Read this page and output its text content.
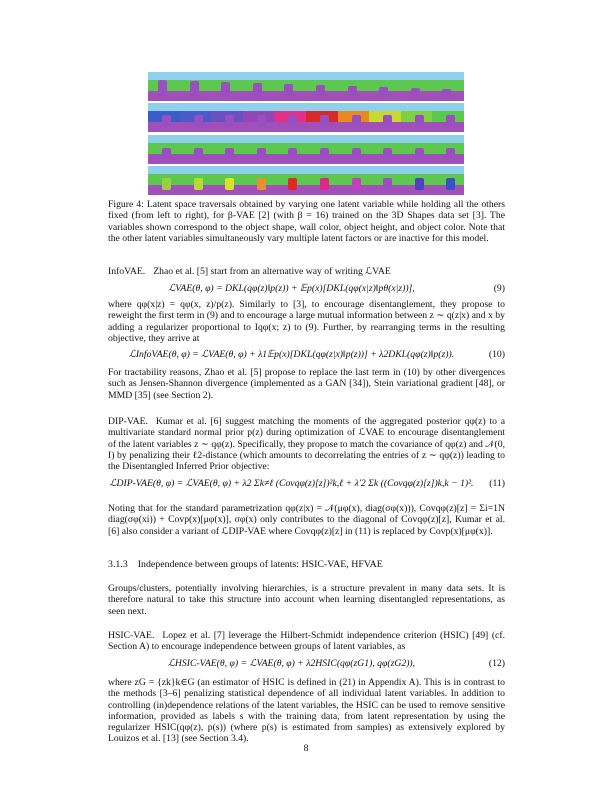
Figure 4: Latent space traversals obtained by varying one latent variable while holding all the others fixed (from left to right), for β-VAE [2] (with β = 16) trained on the 3D Shapes data set [3]. The variables shown correspond to the object shape, wall color, object height, and object color. Note that the other latent variables simultaneously vary multiple latent factors or are inactive for this model.
InfoVAE. Zhao et al. [5] start from an alternative way of writing ℒVAE
ℒVAE(θ, φ) = DKL(qφ(z)‖p(z)) + 𝔼p(x)[DKL(qφ(x|z)‖pθ(x|z))],	(9)
where qφ(x|z) = qφ(x, z)/p(z). Similarly to [3], to encourage disentanglement, they propose to reweight the first term in (9) and to encourage a large mutual information between z ∼ q(z|x) and x by adding a regularizer proportional to Iqφ(x; z) to (9). Further, by rearranging terms in the resulting objective, they arrive at
ℒInfoVAE(θ, φ) = ℒVAE(θ, φ) + λ1𝔼p(x)[DKL(qφ(z|x)‖p(z))] + λ2DKL(qφ(z)‖p(z)).	(10)
For tractability reasons, Zhao et al. [5] propose to replace the last term in (10) by other divergences such as Jensen-Shannon divergence (implemented as a GAN [34]), Stein variational gradient [48], or MMD [35] (see Section 2).
DIP-VAE. Kumar et al. [6] suggest matching the moments of the aggregated posterior qφ(z) to a multivariate standard normal prior p(z) during optimization of ℒVAE to encourage disentanglement of the latent variables z ∼ qφ(z). Specifically, they propose to match the covariance of qφ(z) and 𝒩(0, I) by penalizing their ℓ2-distance (which amounts to decorrelating the entries of z ∼ qφ(z)) leading to the Disentangled Inferred Prior objective:
ℒDIP-VAE(θ, φ) = ℒVAE(θ, φ) + λ2 Σk≠ℓ (Covqφ(z)[z])²k,ℓ + λ′2 Σk ((Covqφ(z)[z])k,k − 1)². (11)
Noting that for the standard parametrization qφ(z|x) = 𝒩(μφ(x), diag(σφ(x))), Covqφ(z)[z] = Σi=1N diag(σφ(xi)) + Covp(x)[μφ(x)], σφ(x) only contributes to the diagonal of Covqφ(z)[z], Kumar et al. [6] also consider a variant of ℒDIP-VAE where Covqφ(z)[z] in (11) is replaced by Covp(x)[μφ(x)].
3.1.3 Independence between groups of latents: HSIC-VAE, HFVAE
Groups/clusters, potentially involving hierarchies, is a structure prevalent in many data sets. It is therefore natural to take this structure into account when learning disentangled representations, as seen next.
HSIC-VAE. Lopez et al. [7] leverage the Hilbert-Schmidt independence criterion (HSIC) [49] (cf. Section A) to encourage independence between groups of latent variables, as
ℒHSIC-VAE(θ, φ) = ℒVAE(θ, φ) + λ2HSIC(qφ(zG1), qφ(zG2)),	(12)
where zG = {zk}k∈G (an estimator of HSIC is defined in (21) in Appendix A). This is in contrast to the methods [3–6] penalizing statistical dependence of all individual latent variables. In addition to controlling (in)dependence relations of the latent variables, the HSIC can be used to remove sensitive information, provided as labels s with the training data, from latent representation by using the regularizer HSIC(qφ(z), p(s)) (where p(s) is estimated from samples) as extensively explored by Louizos et al. [13] (see Section 3.4).
8
